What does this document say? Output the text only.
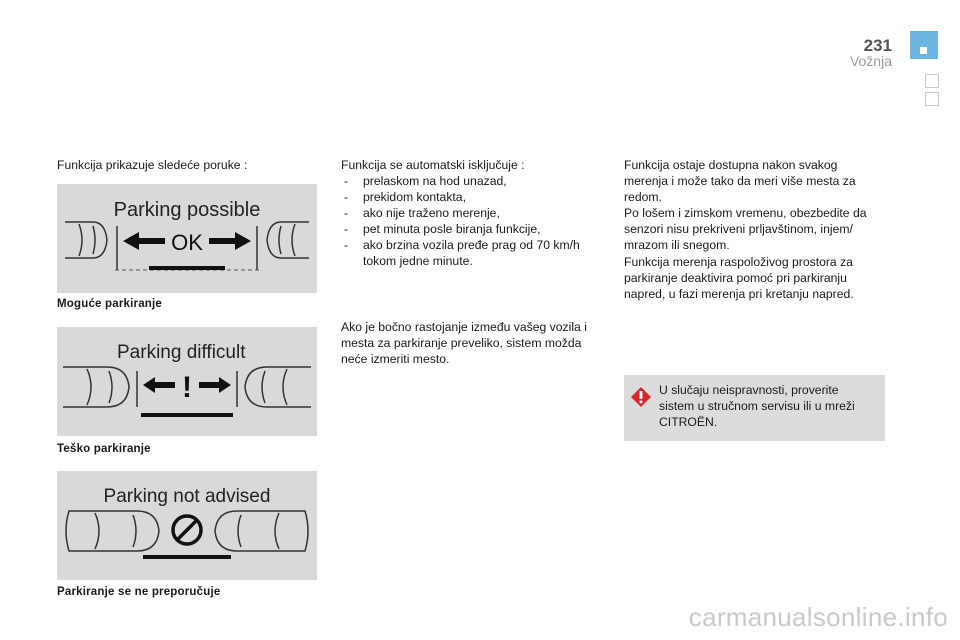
231
Vožnja
Funkcija prikazuje sledeće poruke :
Parking possible
OK
Moguće parkiranje
Parking difficult
!
Teško parkiranje
Parking not advised
Parkiranje se ne preporučuje
Funkcija se automatski isključuje :
- prelaskom na hod unazad,
- prekidom kontakta,
- ako nije traženo merenje,
- pet minuta posle biranja funkcije,
- ako brzina vozila pređe prag od 70 km/h tokom jedne minute.
Ako je bočno rastojanje između vašeg vozila i mesta za parkiranje preveliko, sistem možda neće izmeriti mesto.
Funkcija ostaje dostupna nakon svakog
merenja i može tako da meri više mesta za
redom.
Po lošem i zimskom vremenu, obezbedite da
senzori nisu prekriveni prljavštinom, injem/
mrazom ili snegom.
Funkcija merenja raspoloživog prostora za
parkiranje deaktivira pomoć pri parkiranju
napred, u fazi merenja pri kretanju napred.
U slučaju neispravnosti, proverite
sistem u stručnom servisu ili u mreži
CITROËN.
carmanualsonline.info
